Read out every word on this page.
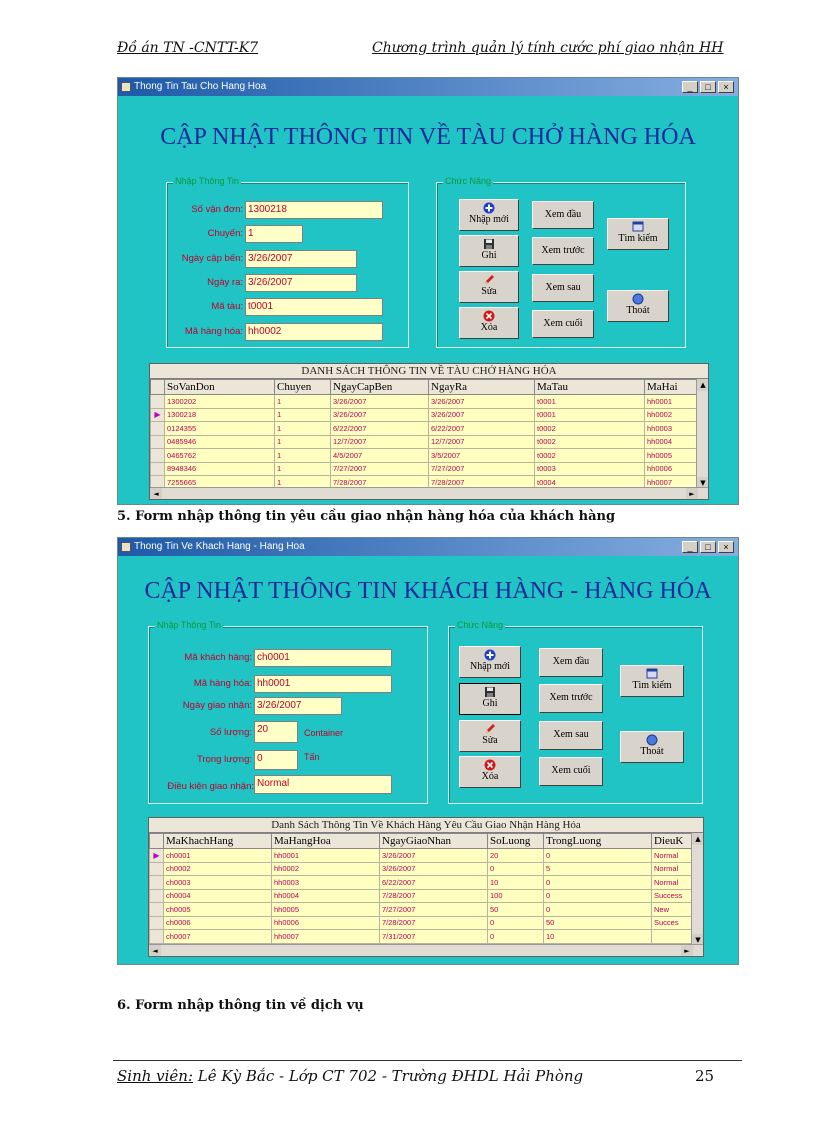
Đồ án TN -CNTT-K7	Chương trình quản lý tính cước phí giao nhận HH
Thong Tin Tau Cho Hang Hoa	_	□	×
CẬP NHẬT THÔNG TIN VỀ TÀU CHỞ HÀNG HÓA
Nhập Thông Tin	Chức Năng
Số vận đơn: 1300218
Chuyến: 1
Ngày cập bến: 3/26/2007
Ngày ra: 3/26/2007
Mã tàu: t0001
Mã hàng hóa: hh0002
Nhập mới
Ghi
Sửa
Xóa
Xem đầu
Xem trước
Xem sau
Xem cuối
Tìm kiếm
Thoát
DANH SÁCH THÔNG TIN VỀ TÀU CHỞ HÀNG HÓA
	SoVanDon	Chuyen	NgayCapBen	NgayRa	MaTau	MaHai
	1300202	1	3/26/2007	3/26/2007	t0001	hh0001
▶	1300218	1	3/26/2007	3/26/2007	t0001	hh0002
	0124355	1	6/22/2007	6/22/2007	t0002	hh0003
	0485946	1	12/7/2007	12/7/2007	t0002	hh0004
	0465762	1	4/5/2007	3/5/2007	t0002	hh0005
	8948346	1	7/27/2007	7/27/2007	t0003	hh0006
	7255665	1	7/28/2007	7/28/2007	t0004	hh0007
▲
▼
◄	►
5. Form nhập thông tin yêu cầu giao nhận hàng hóa của khách hàng
Thong Tin Ve Khach Hang - Hang Hoa	_	□	×
CẬP NHẬT THÔNG TIN KHÁCH HÀNG - HÀNG HÓA
Nhập Thông Tin	Chức Năng
Mã khách hàng: ch0001
Mã hàng hóa: hh0001
Ngày giao nhận: 3/26/2007
Số lượng: 20	Container
Trọng lượng: 0	Tấn
Điều kiện giao nhận: Normal
Nhập mới
Ghi
Sửa
Xóa
Xem đầu
Xem trước
Xem sau
Xem cuối
Tìm kiếm
Thoát
Danh Sách Thông Tin Về Khách Hàng Yêu Cầu Giao Nhận Hàng Hóa
	MaKhachHang	MaHangHoa	NgayGiaoNhan	SoLuong	TrongLuong	DieuK
▶	ch0001	hh0001	3/26/2007	20	0	Normal
	ch0002	hh0002	3/26/2007	0	5	Normal
	ch0003	hh0003	6/22/2007	10	0	Normal
	ch0004	hh0004	7/28/2007	100	0	Success
	ch0005	hh0005	7/27/2007	50	0	New
	ch0006	hh0006	7/28/2007	0	50	Succes
	ch0007	hh0007	7/31/2007	0	10	
▲
▼
◄	►
6. Form nhập thông tin về dịch vụ
Sinh viên: Lê Kỳ Bắc - Lớp CT 702 - Trường ĐHDL Hải Phòng	25
